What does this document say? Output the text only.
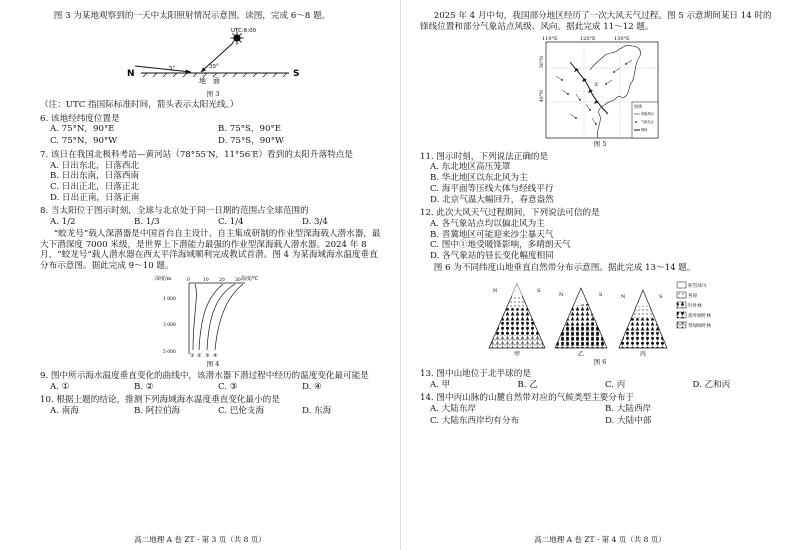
图 3 为某地观察到的一天中太阳照射情况示意图。读图，完成 6～8 题。

UTC:6:00
N	S
5°	35°
地　面

图 3

（注：UTC 指国际标准时间，箭头表示太阳光线。）

6. 该地经纬度位置是

A. 75°N，90°E	B. 75°S，90°E
C. 75°N，90°W	D. 75°S，90°W

7. 该日在我国北极科考站—黄河站（78°55′N，11°56′E）看到的太阳升落特点是

A. 日出东北，日落西北
B. 日出东南，日落西南
C. 日出正北，日落正北
D. 日出正南，日落正南

8. 当太阳位于图示时刻，全球与北京处于同一日期的范围占全球范围的

A. 1/2	B. 1/3	C. 1/4	D. 3/4

“蛟龙号”载人深潜器是中国首台自主设计、自主集成研制的作业型深海载人潜水器，最大下潜深度 7000 米级，是世界上下潜能力最强的作业型深海载人潜水器。2024 年 8 月，“蛟龙号”载人潜水器在西太平洋海域顺利完成教试首潜。图 4 为某海域海水温度垂直分布示意图。据此完成 9～10 题。

深度/m	温度/℃
0	10 20 30
1 000
3 000
5 000
① ② ③ ④

图 4

9. 图中所示海水温度垂直变化的曲线中，该潜水器下潜过程中经历的温度变化最可能是

A. ①	B. ②	C. ③	D. ④

10. 根据上题的结论，推测下列海域海水温度垂直变化最小的是

A. 南海	B. 阿拉伯海	C. 巴伦支海	D. 东海
高二地理 A 卷 ZT · 第 3 页（共 8 页）

2025 年 4 月中旬，我国部分地区经历了一次大风天气过程。图 5 示意期间某日 14 时的锋线位置和部分气象站点风级、风向。据此完成 11～12 题。

110°E	120°E	130°E
50°N
40°N
①
图例
风级风向
气象站点
锋线

图 5

11. 图示时刻，下列说法正确的是

A. 东北地区高压笼罩
B. 华北地区以东北风为主
C. 海平面等压线大体与经线平行
D. 北京气温大幅回升，春意盎然

12. 此次大风天气过程期间，下列说法可信的是

A. 各气象站点均以偏北风为主
B. 晋冀地区可能迎来沙尘暴天气
C. 图中①地受暖锋影响，多晴朗天气
D. 各气象站的昼长变化幅度相同

图 6 为不同纬度山地垂直自然带分布示意图。据此完成 13～14 题。

N	S
甲
N	S
乙
N	S
丙
积雪冰川
苔原
针叶林
落叶阔叶林
常绿阔叶林

图 6

13. 图中山地位于北半球的是

A. 甲	B. 乙	C. 丙	D. 乙和丙

14. 图中丙山脉的山麓自然带对应的气候类型主要分布于

A. 大陆东岸	B. 大陆西岸
C. 大陆东西岸均有分布	D. 大陆中部
高二地理 A 卷 ZT · 第 4 页（共 8 页）
